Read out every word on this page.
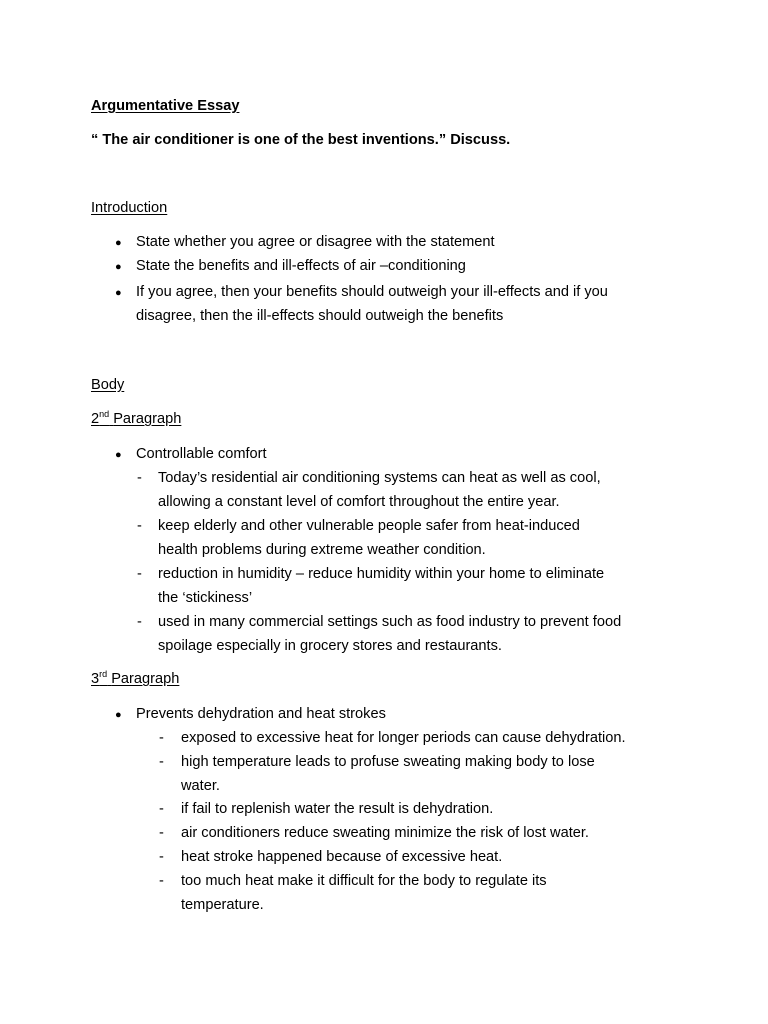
Argumentative Essay
“ The air conditioner is one of the best inventions.” Discuss.
Introduction
● State whether you agree or disagree with the statement
● State the benefits and ill-effects of air –conditioning
● If you agree, then your benefits should outweigh your ill-effects and if you
disagree, then the ill-effects should outweigh the benefits
Body
2nd Paragraph
● Controllable comfort
- Today’s residential air conditioning systems can heat as well as cool,
allowing a constant level of comfort throughout the entire year.
- keep elderly and other vulnerable people safer from heat-induced
health problems during extreme weather condition.
- reduction in humidity – reduce humidity within your home to eliminate
the ‘stickiness’
- used in many commercial settings such as food industry to prevent food
spoilage especially in grocery stores and restaurants.
3rd Paragraph
● Prevents dehydration and heat strokes
- exposed to excessive heat for longer periods can cause dehydration.
- high temperature leads to profuse sweating making body to lose
water.
- if fail to replenish water the result is dehydration.
- air conditioners reduce sweating minimize the risk of lost water.
- heat stroke happened because of excessive heat.
- too much heat make it difficult for the body to regulate its
temperature.
